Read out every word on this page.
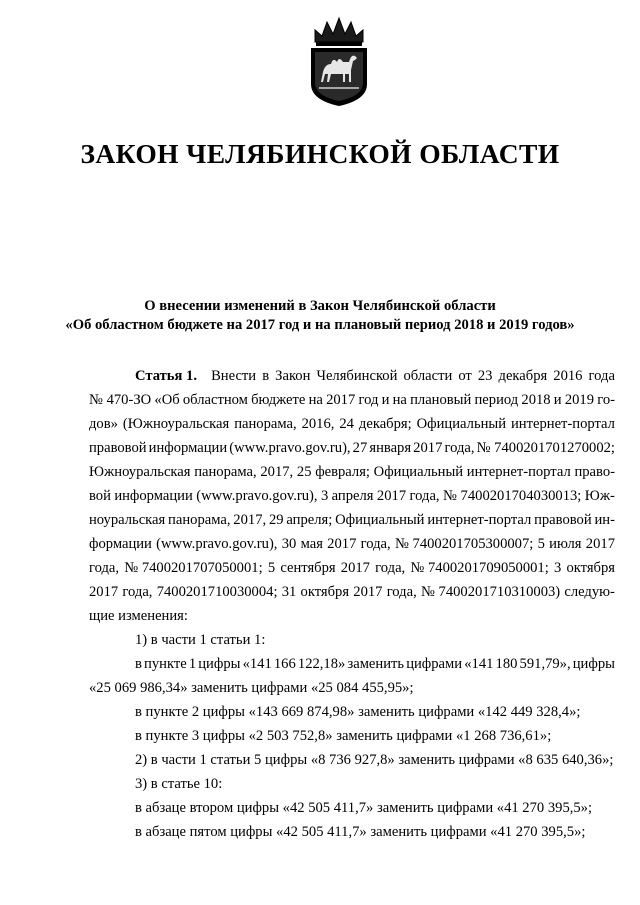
ЗАКОН ЧЕЛЯБИНСКОЙ ОБЛАСТИ
О внесении изменений в Закон Челябинской области
«Об областном бюджете на 2017 год и на плановый период 2018 и 2019 годов»
Статья 1. Внести в Закон Челябинской области от 23 декабря 2016 года
№ 470-ЗО «Об областном бюджете на 2017 год и на плановый период 2018 и 2019 го-
дов» (Южноуральская панорама, 2016, 24 декабря; Официальный интернет-портал
правовой информации (www.pravo.gov.ru), 27 января 2017 года, № 7400201701270002;
Южноуральская панорама, 2017, 25 февраля; Официальный интернет-портал право-
вой информации (www.pravo.gov.ru), 3 апреля 2017 года, № 7400201704030013; Юж-
ноуральская панорама, 2017, 29 апреля; Официальный интернет-портал правовой ин-
формации (www.pravo.gov.ru), 30 мая 2017 года, № 7400201705300007; 5 июля 2017
года, № 7400201707050001; 5 сентября 2017 года, № 7400201709050001; 3 октября
2017 года, 7400201710030004; 31 октября 2017 года, № 7400201710310003) следую-
щие изменения:
1) в части 1 статьи 1:
в пункте 1 цифры «141 166 122,18» заменить цифрами «141 180 591,79», цифры
«25 069 986,34» заменить цифрами «25 084 455,95»;
в пункте 2 цифры «143 669 874,98» заменить цифрами «142 449 328,4»;
в пункте 3 цифры «2 503 752,8» заменить цифрами «1 268 736,61»;
2) в части 1 статьи 5 цифры «8 736 927,8» заменить цифрами «8 635 640,36»;
3) в статье 10:
в абзаце втором цифры «42 505 411,7» заменить цифрами «41 270 395,5»;
в абзаце пятом цифры «42 505 411,7» заменить цифрами «41 270 395,5»;
